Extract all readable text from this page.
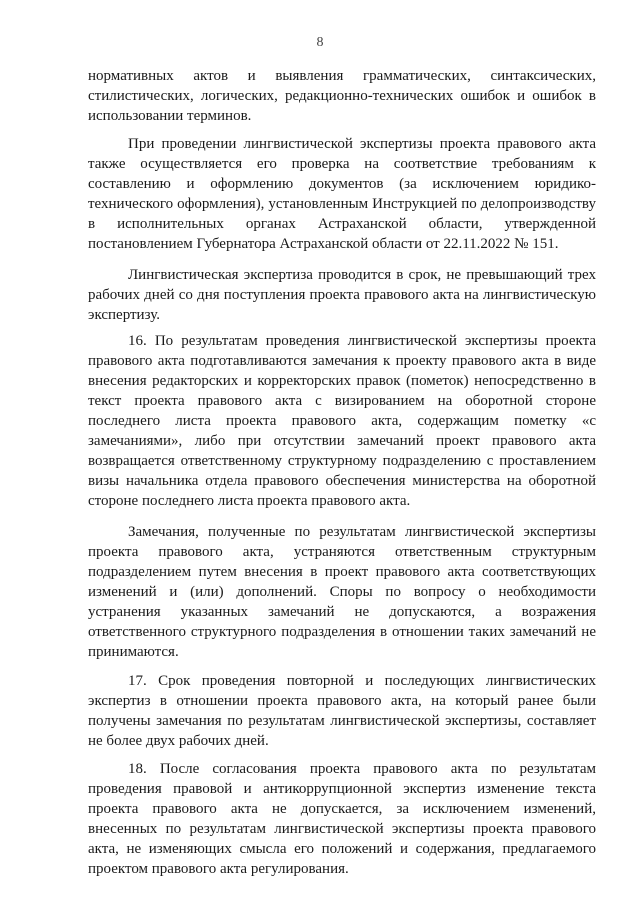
8

нормативных актов и выявления грамматических, синтаксических, стилистических, логических, редакционно-технических ошибок и ошибок в использовании терминов.

При проведении лингвистической экспертизы проекта правового акта также осуществляется его проверка на соответствие требованиям к составлению и оформлению документов (за исключением юридико-технического оформления), установленным Инструкцией по делопроизводству в исполнительных органах Астраханской области, утвержденной постановлением Губернатора Астраханской области от 22.11.2022 № 151.

Лингвистическая экспертиза проводится в срок, не превышающий трех рабочих дней со дня поступления проекта правового акта на лингвистическую экспертизу.

16. По результатам проведения лингвистической экспертизы проекта правового акта подготавливаются замечания к проекту правового акта в виде внесения редакторских и корректорских правок (пометок) непосредственно в текст проекта правового акта с визированием на оборотной стороне последнего листа проекта правового акта, содержащим пометку «с замечаниями», либо при отсутствии замечаний проект правового акта возвращается ответственному структурному подразделению с проставлением визы начальника отдела правового обеспечения министерства на оборотной стороне последнего листа проекта правового акта.

Замечания, полученные по результатам лингвистической экспертизы проекта правового акта, устраняются ответственным структурным подразделением путем внесения в проект правового акта соответствующих изменений и (или) дополнений. Споры по вопросу о необходимости устранения указанных замечаний не допускаются, а возражения ответственного структурного подразделения в отношении таких замечаний не принимаются.

17. Срок проведения повторной и последующих лингвистических экспертиз в отношении проекта правового акта, на который ранее были получены замечания по результатам лингвистической экспертизы, составляет не более двух рабочих дней.

18. После согласования проекта правового акта по результатам проведения правовой и антикоррупционной экспертиз изменение текста проекта правового акта не допускается, за исключением изменений, внесенных по результатам лингвистической экспертизы проекта правового акта, не изменяющих смысла его положений и содержания, предлагаемого проектом правового акта регулирования.
